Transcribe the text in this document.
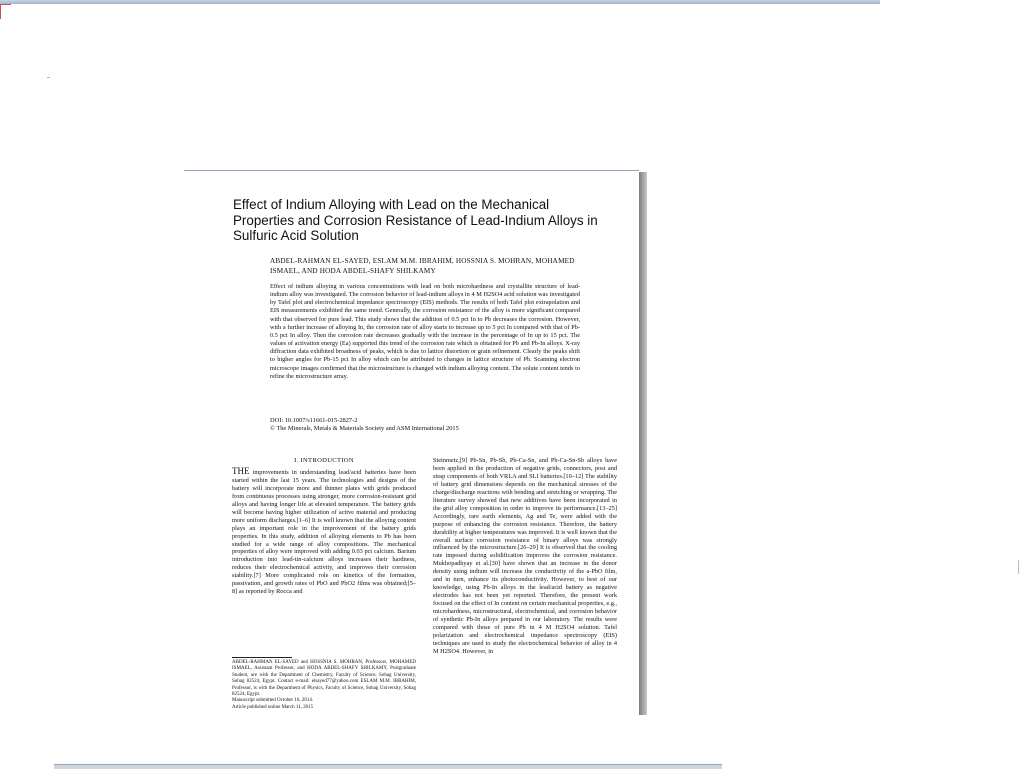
Effect of Indium Alloying with Lead on the Mechanical Properties and Corrosion Resistance of Lead-Indium Alloys in Sulfuric Acid Solution
ABDEL-RAHMAN EL-SAYED, ESLAM M.M. IBRAHIM, HOSSNIA S. MOHRAN, MOHAMED ISMAEL, AND HODA ABDEL-SHAFY SHILKAMY
Effect of indium alloying in various concentrations with lead on both microhardness and crystallite structure of lead-indium alloy was investigated. The corrosion behavior of lead-indium alloys in 4 M H2SO4 acid solution was investigated by Tafel plot and electrochemical impedance spectroscopy (EIS) methods. The results of both Tafel plot extrapolation and EIS measurements exhibited the same trend. Generally, the corrosion resistance of the alloy is more significant compared with that observed for pure lead. This study shows that the addition of 0.5 pct In to Pb decreases the corrosion. However, with a further increase of alloying In, the corrosion rate of alloy starts to increase up to 5 pct In compared with that of Pb-0.5 pct In alloy. Then the corrosion rate decreases gradually with the increase in the percentage of In up to 15 pct. The values of activation energy (Ea) supported this trend of the corrosion rate which is obtained for Pb and Pb-In alloys. X-ray diffraction data exhibited broadness of peaks, which is due to lattice distortion or grain refinement. Clearly the peaks shift to higher angles for Pb-15 pct In alloy which can be attributed to changes in lattice structure of Pb. Scanning electron microscope images confirmed that the microstructure is changed with indium alloying content. The solute content tends to refine the microstructure array.
DOI: 10.1007/s11661-015-2827-2
© The Minerals, Metals & Materials Society and ASM International 2015
I. INTRODUCTION

THE improvements in understanding lead/acid batteries have been started within the last 15 years. The technologies and designs of the battery will incorporate more and thinner plates with grids produced from continuous processes using stronger, more corrosion-resistant grid alloys and having longer life at elevated temperature. The battery grids will become having higher utilization of active material and producing more uniform discharges.[1–6] It is well known that the alloying content plays an important role in the improvement of the battery grids properties. In this study, addition of alloying elements to Pb has been studied for a wide range of alloy compositions. The mechanical properties of alloy were improved with adding 0.03 pct calcium. Barium introduction into lead-tin-calcium alloys increases their hardness, reduces their electrochemical activity, and improves their corrosion stability.[7] More complicated role on kinetics of the formation, passivation, and growth rates of PbO and PbO2 films was obtained;[5–8] as reported by Rocca and

Steinmetz,[9] Pb-Sn, Pb-Sb, Pb-Ca-Sn, and Pb-Ca-Sn-Sb alloys have been applied in the production of negative grids, connectors, post and strap components of both VRLA and SLI batteries.[10–12] The stability of battery grid dimensions depends on the mechanical stresses of the charge/discharge reactions with bending and stretching or wrapping. The literature survey showed that new additives have been incorporated in the grid alloy composition in order to improve its performance.[13–25] Accordingly, rare earth elements, Ag and Te, were added with the purpose of enhancing the corrosion resistance. Therefore, the battery durability at higher temperatures was improved. It is well known that the overall surface corrosion resistance of binary alloys was strongly influenced by the microstructure.[26–29] It is observed that the cooling rate imposed during solidification improves the corrosion resistance. Mukhopadhyay et al.[30] have shown that an increase in the donor density using indium will increase the conductivity of the a-PbO film, and in turn, enhance its photoconductivity. However, to best of our knowledge, using Pb-In alloys in the lead/acid battery as negative electrodes has not been yet reported. Therefore, the present work focused on the effect of In content on certain mechanical properties, e.g., microhardness, microstructural, electrochemical, and corrosion behavior of synthetic Pb-In alloys prepared in our laboratory. The results were compared with those of pure Pb in 4 M H2SO4 solution. Tafel polarization and electrochemical impedance spectroscopy (EIS) techniques are used to study the electrochemical behavior of alloy in 4 M H2SO4. However, in

ABDEL-RAHMAN EL-SAYED and HOSSNIA S. MOHRAN, Professors, MOHAMED ISMAEL, Assistant Professor, and HODA ABDEL-SHAFY SHILKAMY, Postgraduate Student, are with the Department of Chemistry, Faculty of Science, Sohag University, Sohag 82524, Egypt. Contact e-mail: elsayed77@yahoo.com ESLAM M.M. IBRAHIM, Professor, is with the Department of Physics, Faculty of Science, Sohag University, Sohag 82524, Egypt.
Manuscript submitted October 16, 2014.
Article published online March 11, 2015
